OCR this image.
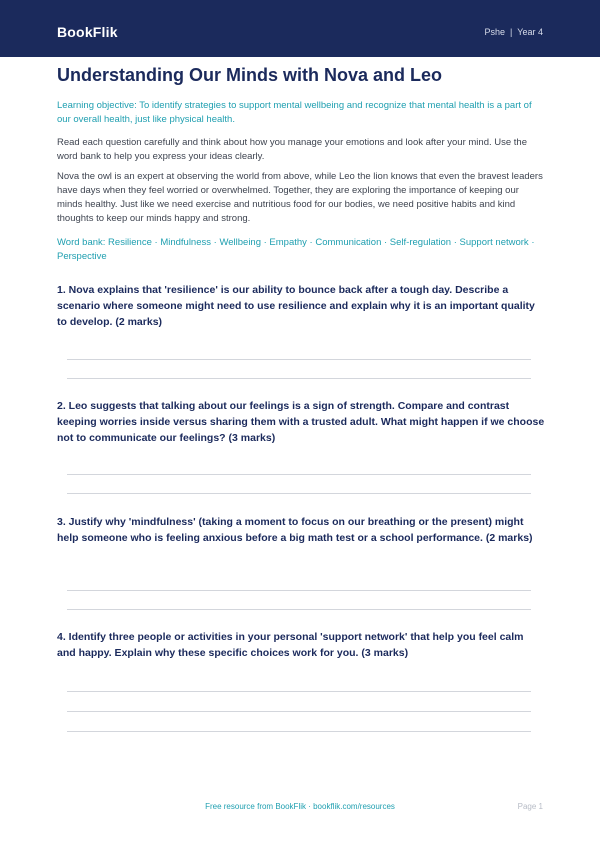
BookFlik	Pshe | Year 4
Understanding Our Minds with Nova and Leo
Learning objective: To identify strategies to support mental wellbeing and recognize that mental health is a part of our overall health, just like physical health.
Read each question carefully and think about how you manage your emotions and look after your mind. Use the word bank to help you express your ideas clearly.
Nova the owl is an expert at observing the world from above, while Leo the lion knows that even the bravest leaders have days when they feel worried or overwhelmed. Together, they are exploring the importance of keeping our minds healthy. Just like we need exercise and nutritious food for our bodies, we need positive habits and kind thoughts to keep our minds happy and strong.
Word bank: Resilience · Mindfulness · Wellbeing · Empathy · Communication · Self-regulation · Support network · Perspective
1. Nova explains that 'resilience' is our ability to bounce back after a tough day. Describe a scenario where someone might need to use resilience and explain why it is an important quality to develop. (2 marks)
2. Leo suggests that talking about our feelings is a sign of strength. Compare and contrast keeping worries inside versus sharing them with a trusted adult. What might happen if we choose not to communicate our feelings? (3 marks)
3. Justify why 'mindfulness' (taking a moment to focus on our breathing or the present) might help someone who is feeling anxious before a big math test or a school performance. (2 marks)
4. Identify three people or activities in your personal 'support network' that help you feel calm and happy. Explain why these specific choices work for you. (3 marks)
Free resource from BookFlik · bookflik.com/resources	Page 1
